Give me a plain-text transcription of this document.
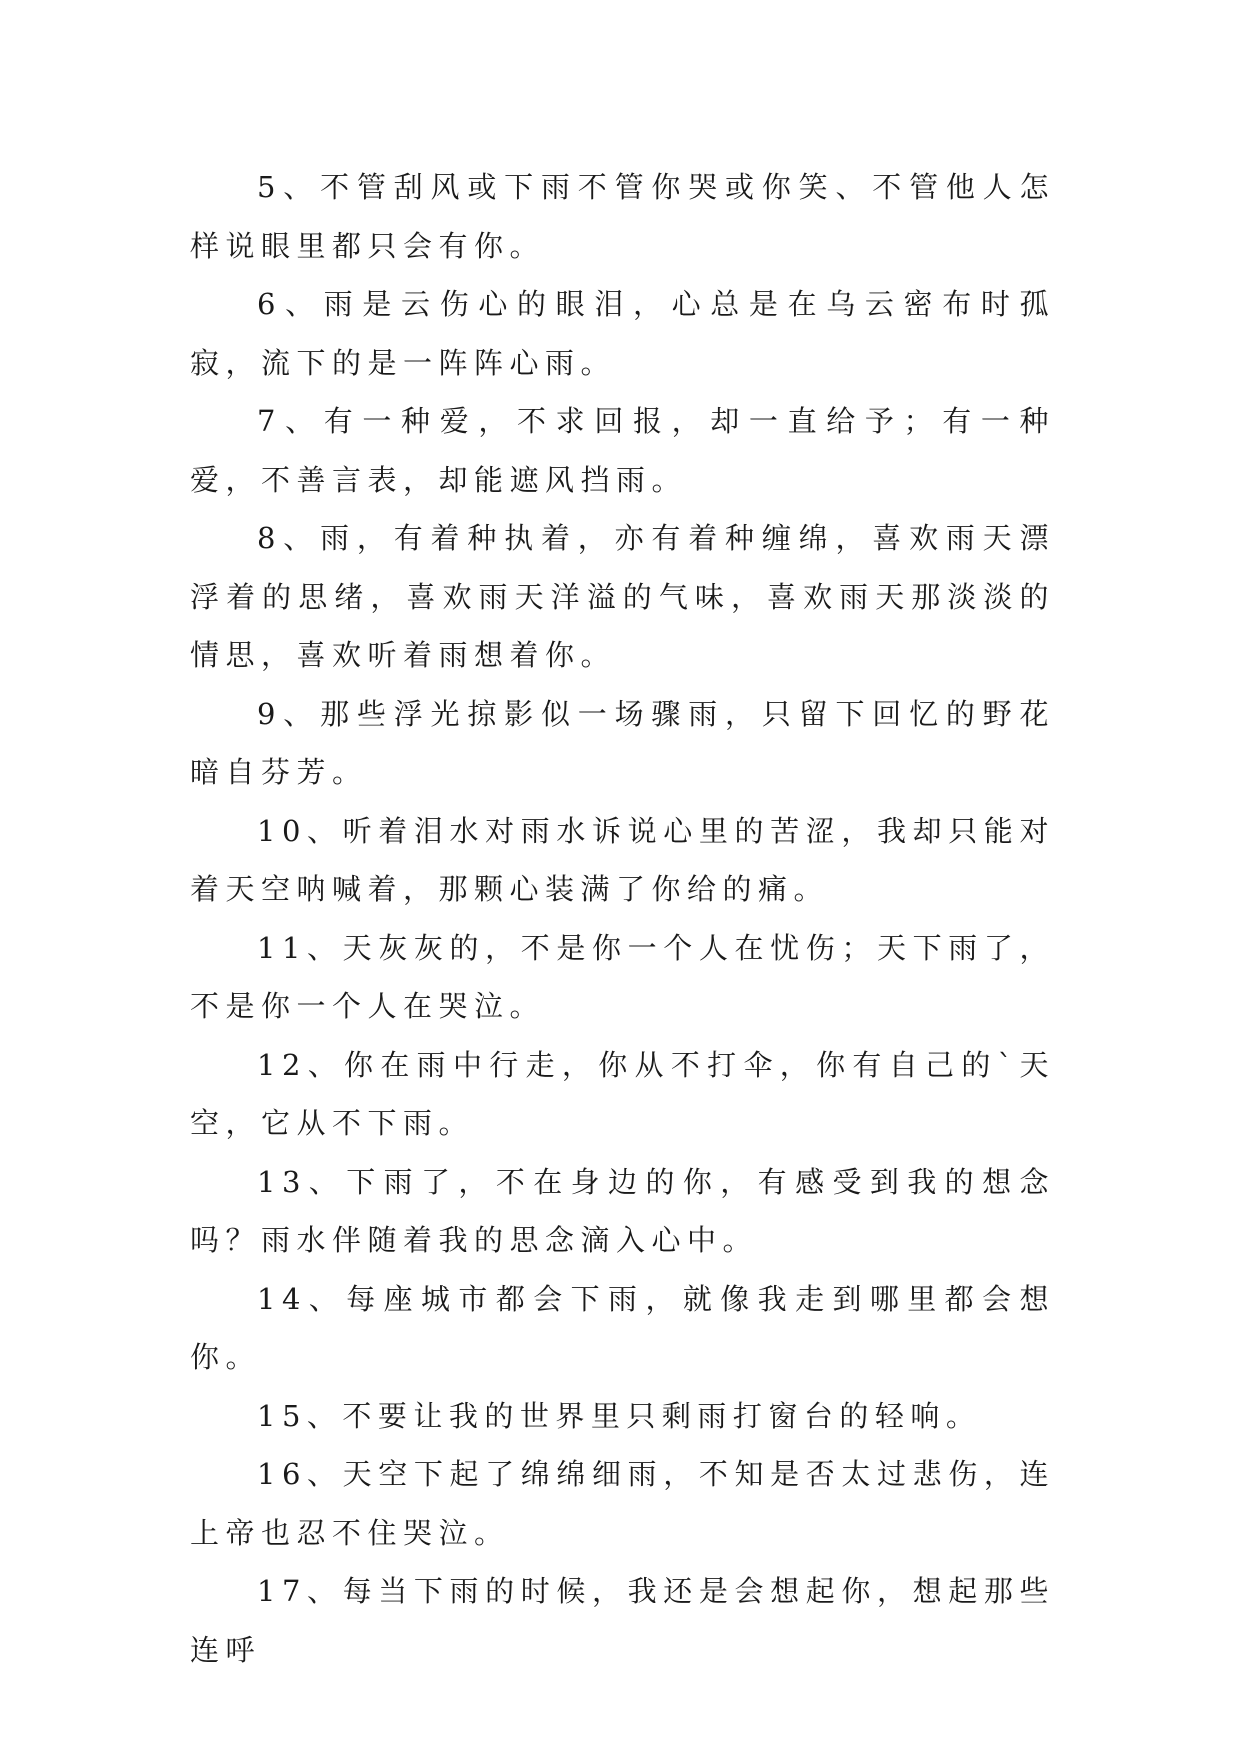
5、不管刮风或下雨不管你哭或你笑、不管他人怎样说眼里都只会有你。

6、雨是云伤心的眼泪，心总是在乌云密布时孤寂，流下的是一阵阵心雨。

7、有一种爱，不求回报，却一直给予；有一种爱，不善言表，却能遮风挡雨。

8、雨，有着种执着，亦有着种缠绵，喜欢雨天漂浮着的思绪，喜欢雨天洋溢的气味，喜欢雨天那淡淡的情思，喜欢听着雨想着你。

9、那些浮光掠影似一场骤雨，只留下回忆的野花暗自芬芳。

10、听着泪水对雨水诉说心里的苦涩，我却只能对着天空呐喊着，那颗心装满了你给的痛。

11、天灰灰的，不是你一个人在忧伤；天下雨了，不是你一个人在哭泣。

12、你在雨中行走，你从不打伞，你有自己的`天空，它从不下雨。

13、下雨了，不在身边的你，有感受到我的想念吗？雨水伴随着我的思念滴入心中。

14、每座城市都会下雨，就像我走到哪里都会想你。

15、不要让我的世界里只剩雨打窗台的轻响。

16、天空下起了绵绵细雨，不知是否太过悲伤，连上帝也忍不住哭泣。

17、每当下雨的时候，我还是会想起你，想起那些连呼
